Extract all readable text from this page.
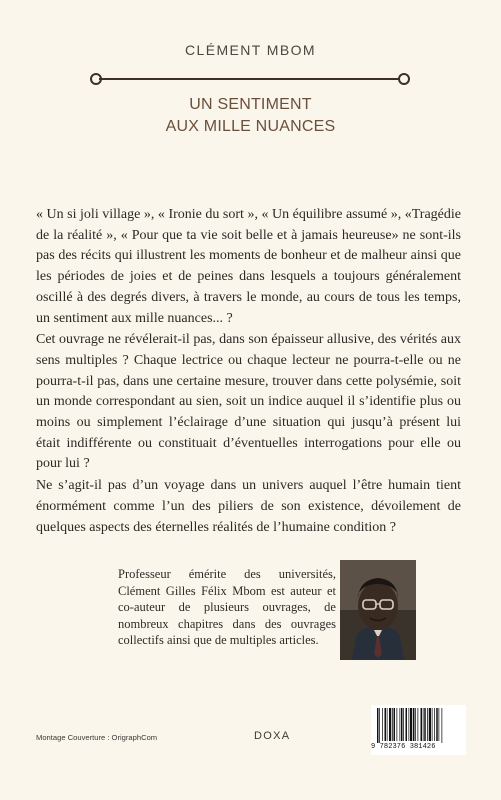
CLÉMENT MBOM
UN SENTIMENT
AUX MILLE NUANCES

« Un si joli village », « Ironie du sort », « Un équilibre assumé », «Tragédie de la réalité », « Pour que ta vie soit belle et à jamais heureuse» ne sont-ils pas des récits qui illustrent les moments de bonheur et de malheur ainsi que les périodes de joies et de peines dans lesquels a toujours généralement oscillé à des degrés divers, à travers le monde, au cours de tous les temps, un sentiment aux mille nuances... ?

Cet ouvrage ne révélerait-il pas, dans son épaisseur allusive, des vérités aux sens multiples ? Chaque lectrice ou chaque lecteur ne pourra-t-elle ou ne pourra-t-il pas, dans une certaine mesure, trouver dans cette polysémie, soit un monde correspondant au sien, soit un indice auquel il s’identifie plus ou moins ou simplement l’éclairage d’une situation qui jusqu’à présent lui était indifférente ou constituait d’éventuelles interrogations pour elle ou pour lui ?

Ne s’agit-il pas d’un voyage dans un univers auquel l’être humain tient énormément comme l’un des piliers de son existence, dévoilement de quelques aspects des éternelles réalités de l’humaine condition ?

Professeur émérite des universités, Clément Gilles Félix Mbom est auteur et co-auteur de plusieurs ouvrages, de nombreux chapitres dans des ouvrages collectifs ainsi que de multiples articles.
Montage Couverture : OrigraphCom	DOXA
9 782376 381426
